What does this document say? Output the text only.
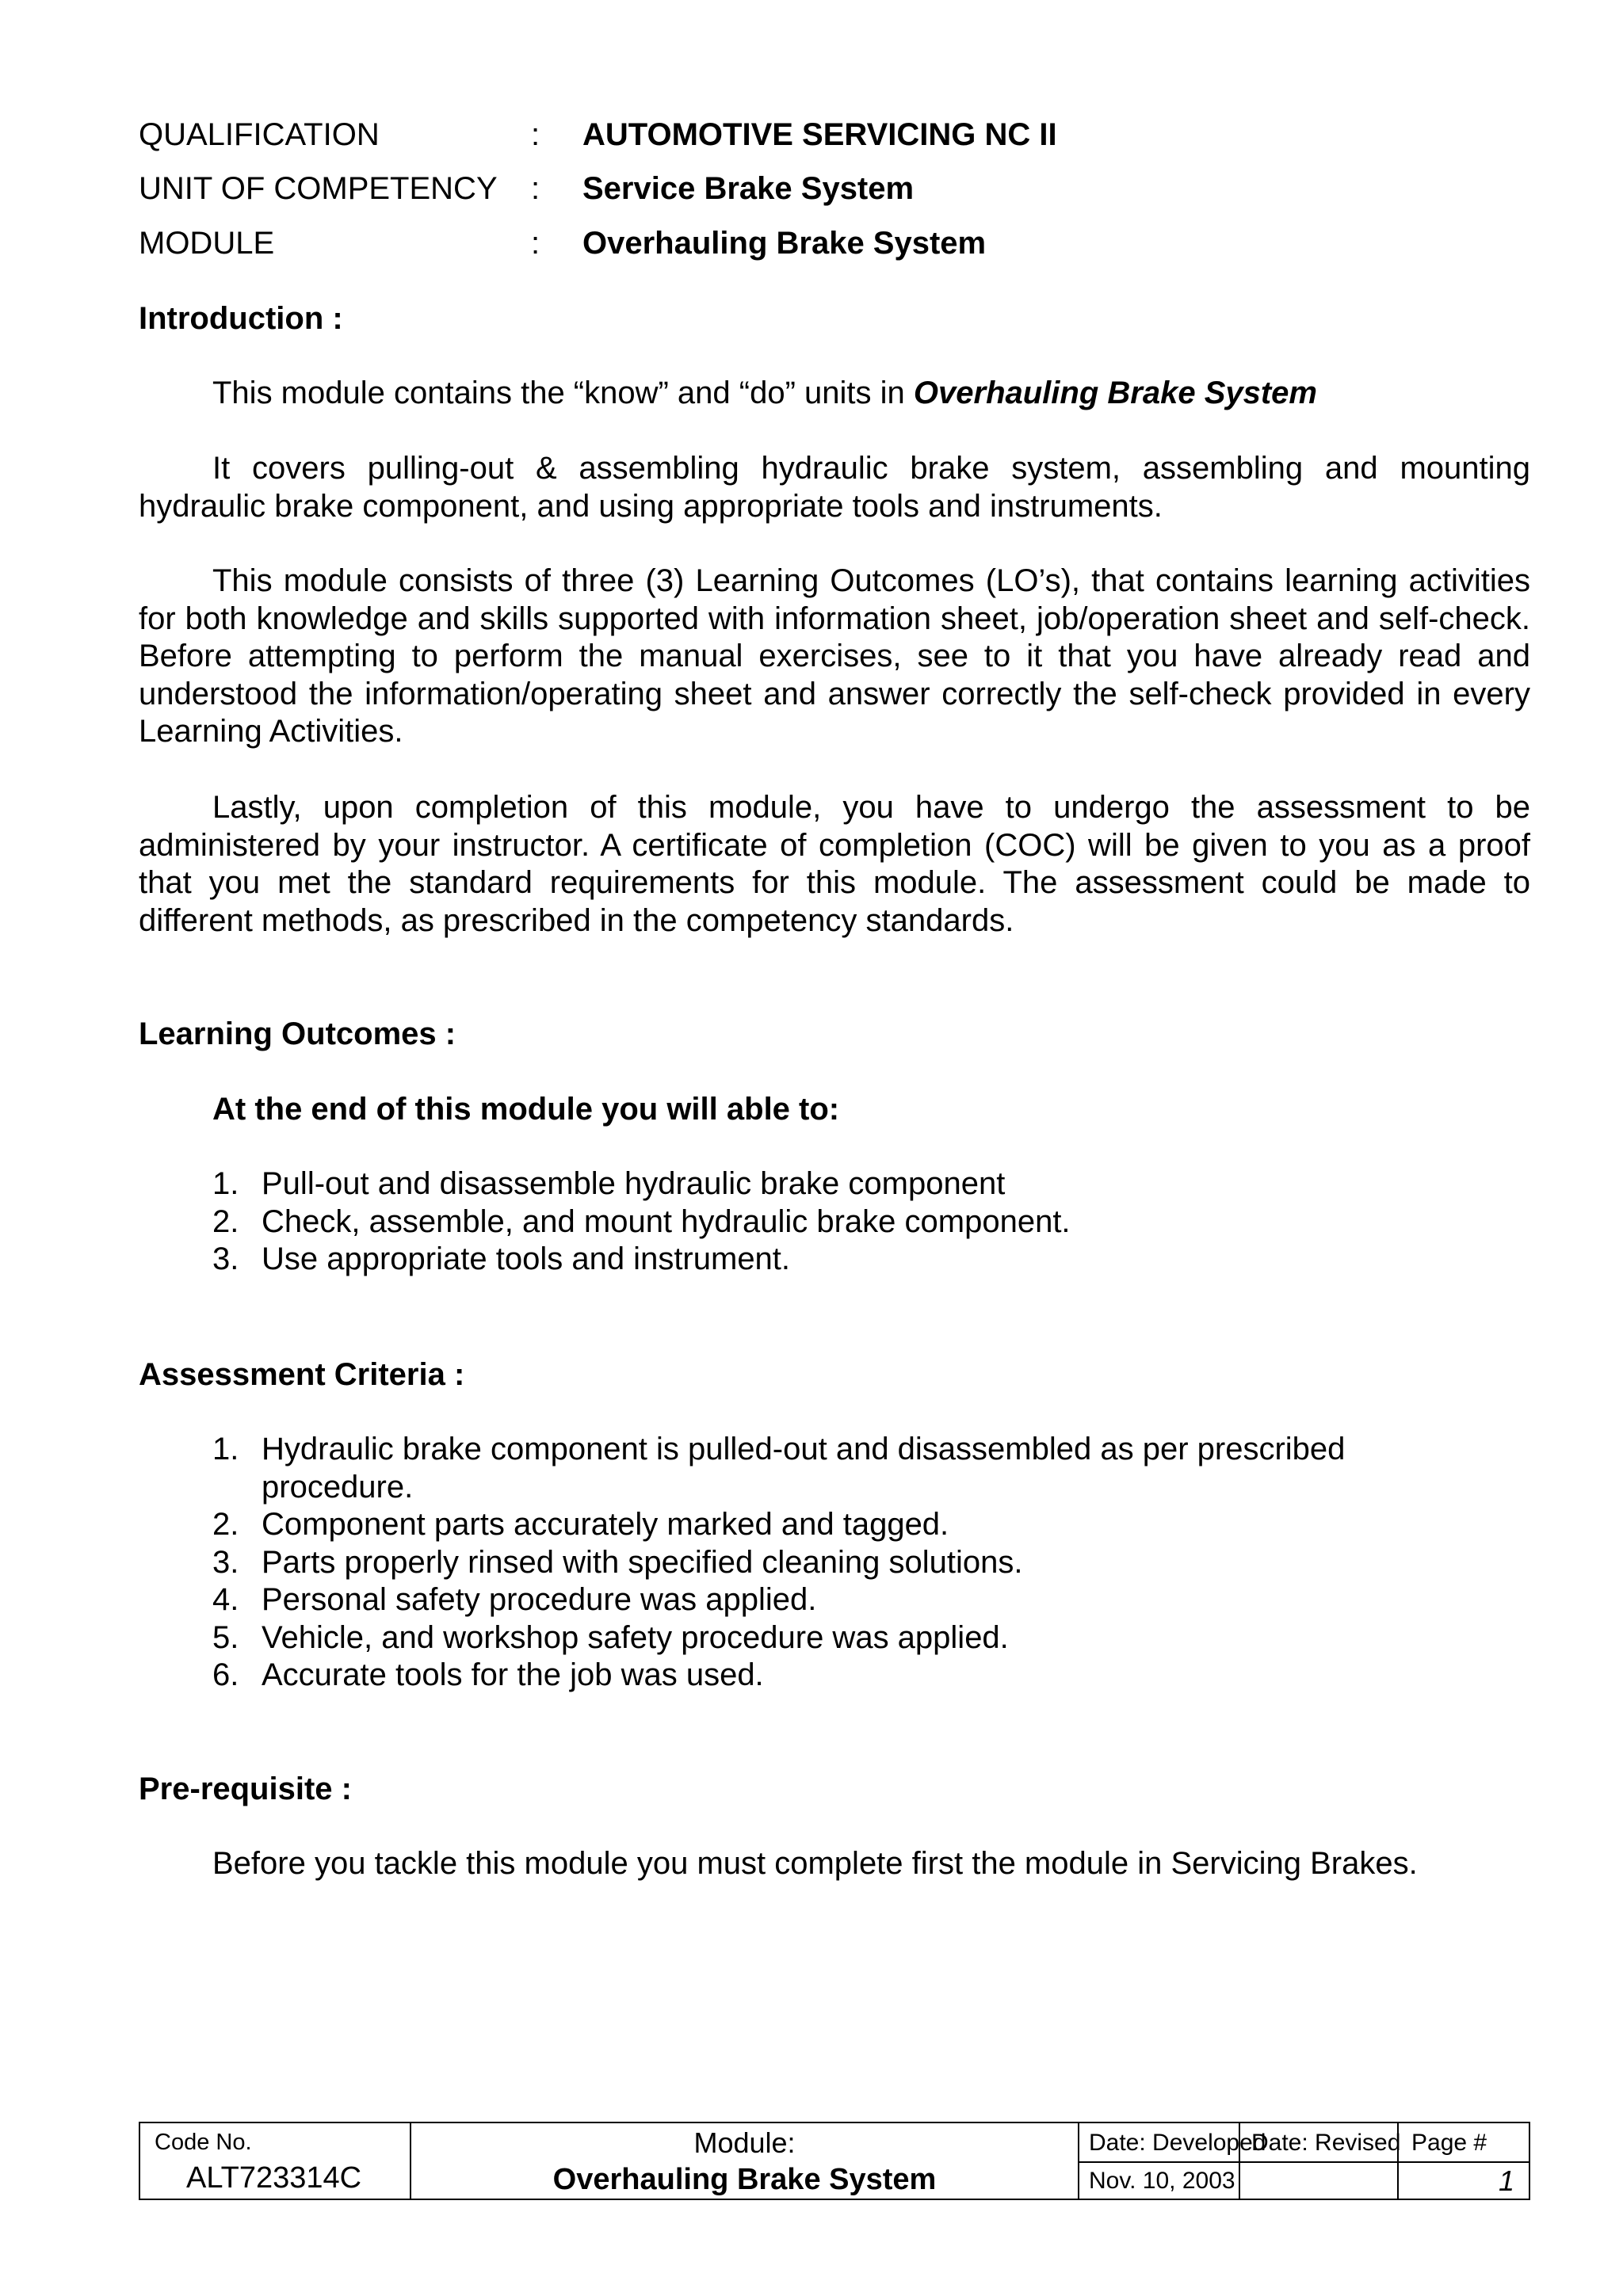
QUALIFICATION	: AUTOMOTIVE SERVICING NC II
UNIT OF COMPETENCY : Service Brake System
MODULE	: Overhauling Brake System
Introduction :

This module contains the “know” and “do” units in Overhauling Brake System

It covers pulling-out & assembling hydraulic brake system, assembling and mounting hydraulic brake component, and using appropriate tools and instruments.

This module consists of three (3) Learning Outcomes (LO’s), that contains learning activities for both knowledge and skills supported with information sheet, job/operation sheet and self-check. Before attempting to perform the manual exercises, see to it that you have already read and understood the information/operating sheet and answer correctly the self-check provided in every Learning Activities.

Lastly, upon completion of this module, you have to undergo the assessment to be administered by your instructor. A certificate of completion (COC) will be given to you as a proof that you met the standard requirements for this module. The assessment could be made to different methods, as prescribed in the competency standards.

Learning Outcomes :
At the end of this module you will able to:
1. Pull-out and disassemble hydraulic brake component
2. Check, assemble, and mount hydraulic brake component.
3. Use appropriate tools and instrument.
Assessment Criteria :
1. Hydraulic brake component is pulled-out and disassembled as per prescribed procedure.
2. Component parts accurately marked and tagged.
3. Parts properly rinsed with specified cleaning solutions.
4. Personal safety procedure was applied.
5. Vehicle, and workshop safety procedure was applied.
6. Accurate tools for the job was used.
Pre-requisite :

Before you tackle this module you must complete first the module in Servicing Brakes.

Code No.
ALT723314C
Module:
Overhauling Brake System
Date: Developed
Nov. 10, 2003
Date: Revised Page #
1
